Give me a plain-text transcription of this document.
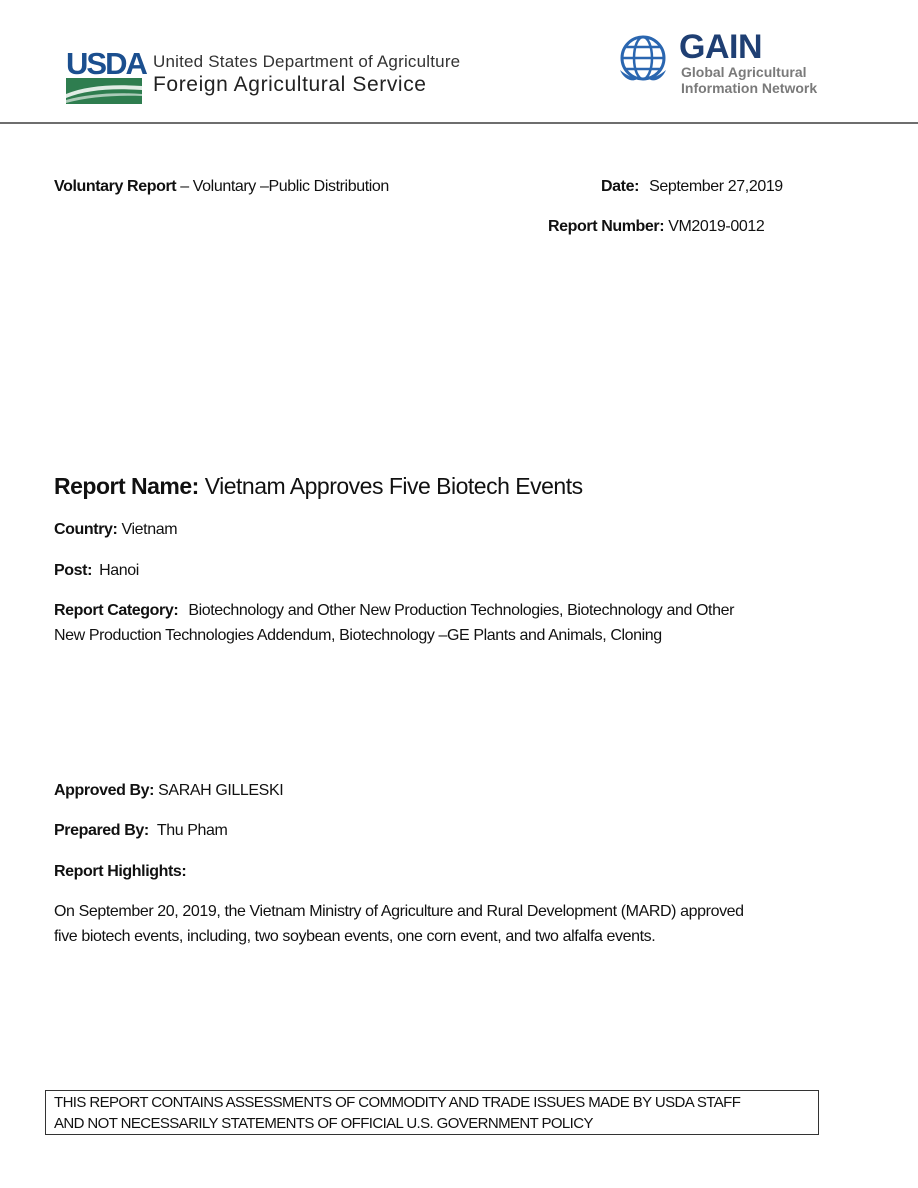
USDA United States Department of Agriculture
Foreign Agricultural Service
GAIN
Global Agricultural
Information Network
Voluntary Report – Voluntary –Public Distribution	Date: September 27,2019
Report Number: VM2019-0012
Report Name: Vietnam Approves Five Biotech Events
Country: Vietnam
Post: Hanoi
Report Category: Biotechnology and Other New Production Technologies, Biotechnology and Other
New Production Technologies Addendum, Biotechnology –GE Plants and Animals, Cloning
Approved By: SARAH GILLESKI
Prepared By: Thu Pham
Report Highlights:
On September 20, 2019, the Vietnam Ministry of Agriculture and Rural Development (MARD) approved
five biotech events, including, two soybean events, one corn event, and two alfalfa events.
THIS REPORT CONTAINS ASSESSMENTS OF COMMODITY AND TRADE ISSUES MADE BY USDA STAFF
AND NOT NECESSARILY STATEMENTS OF OFFICIAL U.S. GOVERNMENT POLICY
